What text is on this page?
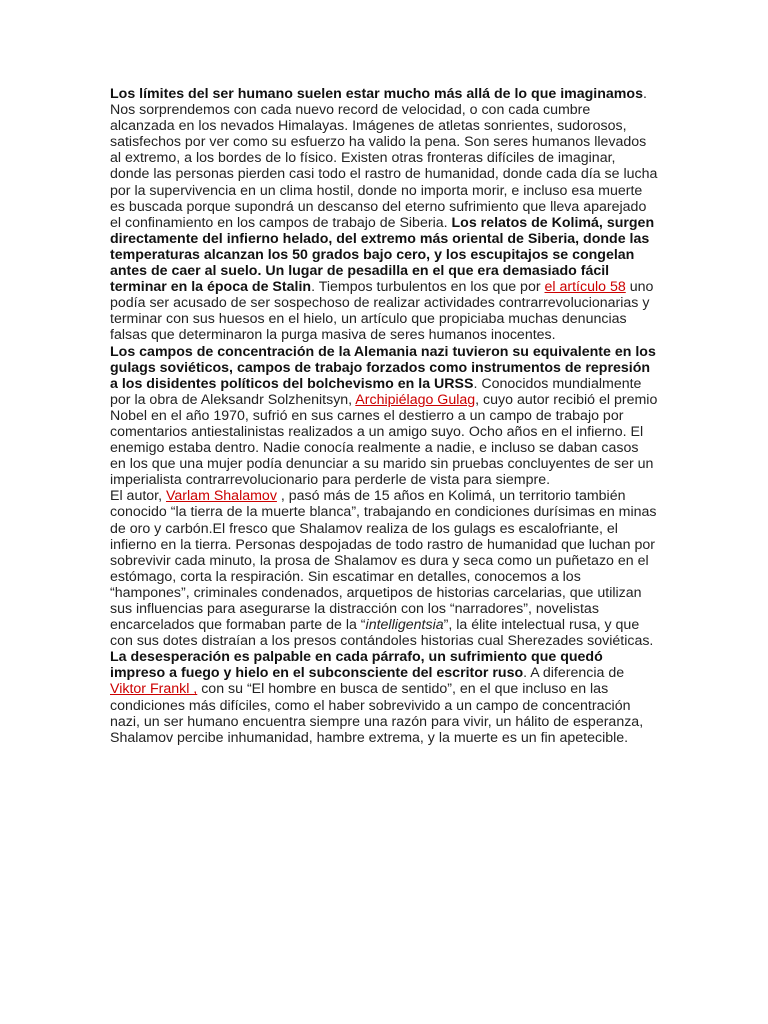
Los límites del ser humano suelen estar mucho más allá de lo que imaginamos. Nos sorprendemos con cada nuevo record de velocidad, o con cada cumbre alcanzada en los nevados Himalayas. Imágenes de atletas sonrientes, sudorosos, satisfechos por ver como su esfuerzo ha valido la pena. Son seres humanos llevados al extremo, a los bordes de lo físico. Existen otras fronteras difíciles de imaginar, donde las personas pierden casi todo el rastro de humanidad, donde cada día se lucha por la supervivencia en un clima hostil, donde no importa morir, e incluso esa muerte es buscada porque supondrá un descanso del eterno sufrimiento que lleva aparejado el confinamiento en los campos de trabajo de Siberia. Los relatos de Kolimá, surgen directamente del infierno helado, del extremo más oriental de Siberia, donde las temperaturas alcanzan los 50 grados bajo cero, y los escupitajos se congelan antes de caer al suelo. Un lugar de pesadilla en el que era demasiado fácil terminar en la época de Stalin. Tiempos turbulentos en los que por el artículo 58 uno podía ser acusado de ser sospechoso de realizar actividades contrarrevolucionarias y terminar con sus huesos en el hielo, un artículo que propiciaba muchas denuncias falsas que determinaron la purga masiva de seres humanos inocentes.

Los campos de concentración de la Alemania nazi tuvieron su equivalente en los gulags soviéticos, campos de trabajo forzados como instrumentos de represión a los disidentes políticos del bolchevismo en la URSS. Conocidos mundialmente por la obra de Aleksandr Solzhenitsyn, Archipiélago Gulag, cuyo autor recibió el premio Nobel en el año 1970, sufrió en sus carnes el destierro a un campo de trabajo por comentarios antiestalinistas realizados a un amigo suyo. Ocho años en el infierno. El enemigo estaba dentro. Nadie conocía realmente a nadie, e incluso se daban casos en los que una mujer podía denunciar a su marido sin pruebas concluyentes de ser un imperialista contrarrevolucionario para perderle de vista para siempre.

El autor, Varlam Shalamov , pasó más de 15 años en Kolimá, un territorio también conocido “la tierra de la muerte blanca”, trabajando en condiciones durísimas en minas de oro y carbón.El fresco que Shalamov realiza de los gulags es escalofriante, el infierno en la tierra. Personas despojadas de todo rastro de humanidad que luchan por sobrevivir cada minuto, la prosa de Shalamov es dura y seca como un puñetazo en el estómago, corta la respiración. Sin escatimar en detalles, conocemos a los “hampones”, criminales condenados, arquetipos de historias carcelarias, que utilizan sus influencias para asegurarse la distracción con los “narradores”, novelistas encarcelados que formaban parte de la “intelligentsia”, la élite intelectual rusa, y que con sus dotes distraían a los presos contándoles historias cual Sherezades soviéticas.

La desesperación es palpable en cada párrafo, un sufrimiento que quedó impreso a fuego y hielo en el subconsciente del escritor ruso. A diferencia de Viktor Frankl , con su “El hombre en busca de sentido”, en el que incluso en las condiciones más difíciles, como el haber sobrevivido a un campo de concentración nazi, un ser humano encuentra siempre una razón para vivir, un hálito de esperanza, Shalamov percibe inhumanidad, hambre extrema, y la muerte es un fin apetecible.
